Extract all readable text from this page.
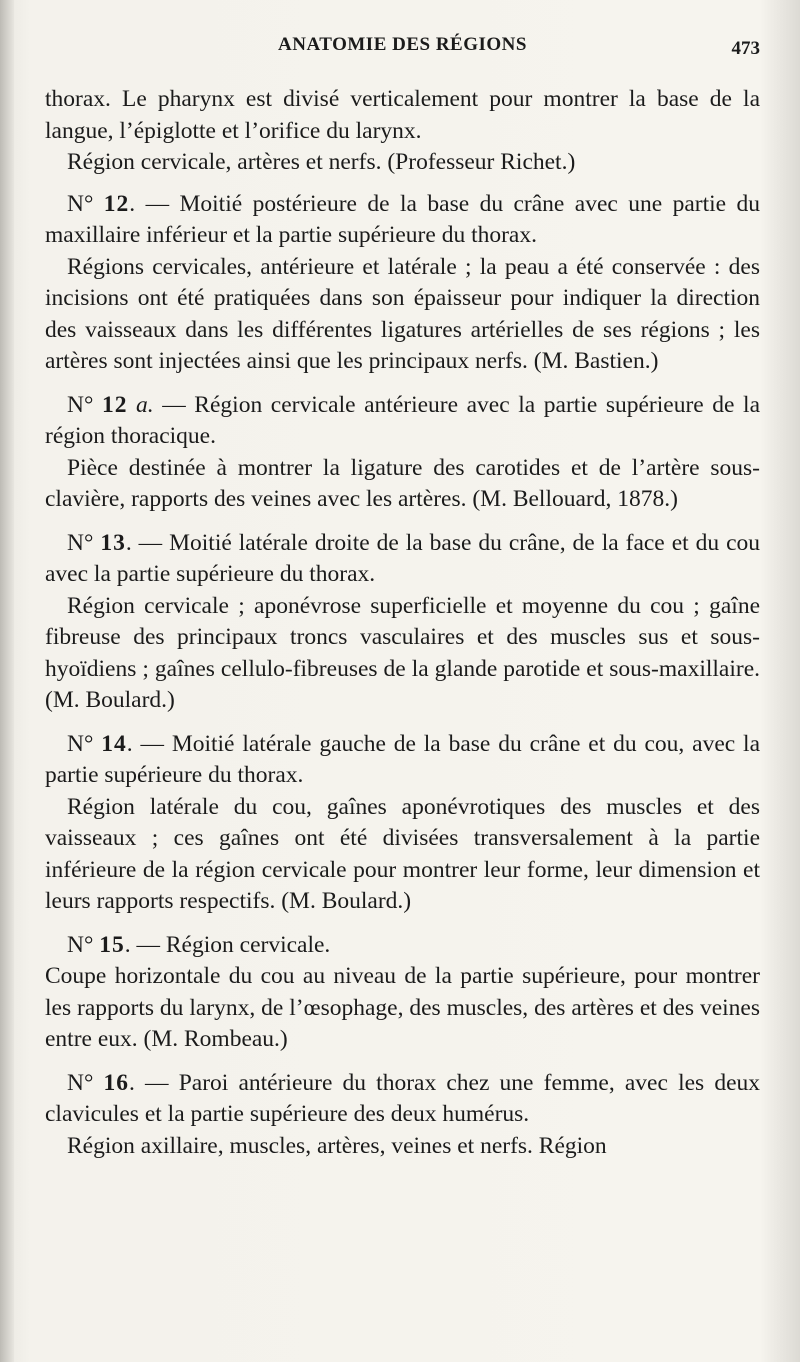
ANATOMIE DES RÉGIONS	473

thorax. Le pharynx est divisé verticalement pour montrer la base de la langue, l’épiglotte et l’orifice du larynx.

Région cervicale, artères et nerfs. (Professeur Richet.)

N° 12. — Moitié postérieure de la base du crâne avec une partie du maxillaire inférieur et la partie supérieure du thorax.

Régions cervicales, antérieure et latérale ; la peau a été conservée : des incisions ont été pratiquées dans son épaisseur pour indiquer la direction des vaisseaux dans les différentes ligatures artérielles de ses régions ; les artères sont injectées ainsi que les principaux nerfs. (M. Bastien.)

N° 12 a. — Région cervicale antérieure avec la partie supérieure de la région thoracique.

Pièce destinée à montrer la ligature des carotides et de l’artère sous-clavière, rapports des veines avec les artères. (M. Bellouard, 1878.)

N° 13. — Moitié latérale droite de la base du crâne, de la face et du cou avec la partie supérieure du thorax.

Région cervicale ; aponévrose superficielle et moyenne du cou ; gaîne fibreuse des principaux troncs vasculaires et des muscles sus et sous-hyoïdiens ; gaînes cellulo-fibreuses de la glande parotide et sous-maxillaire. (M. Boulard.)

N° 14. — Moitié latérale gauche de la base du crâne et du cou, avec la partie supérieure du thorax.

Région latérale du cou, gaînes aponévrotiques des muscles et des vaisseaux ; ces gaînes ont été divisées transversalement à la partie inférieure de la région cervicale pour montrer leur forme, leur dimension et leurs rapports respectifs. (M. Boulard.)

N° 15. — Région cervicale.

Coupe horizontale du cou au niveau de la partie supérieure, pour montrer les rapports du larynx, de l’œsophage, des muscles, des artères et des veines entre eux. (M. Rombeau.)

N° 16. — Paroi antérieure du thorax chez une femme, avec les deux clavicules et la partie supérieure des deux humérus.

Région axillaire, muscles, artères, veines et nerfs. Région
